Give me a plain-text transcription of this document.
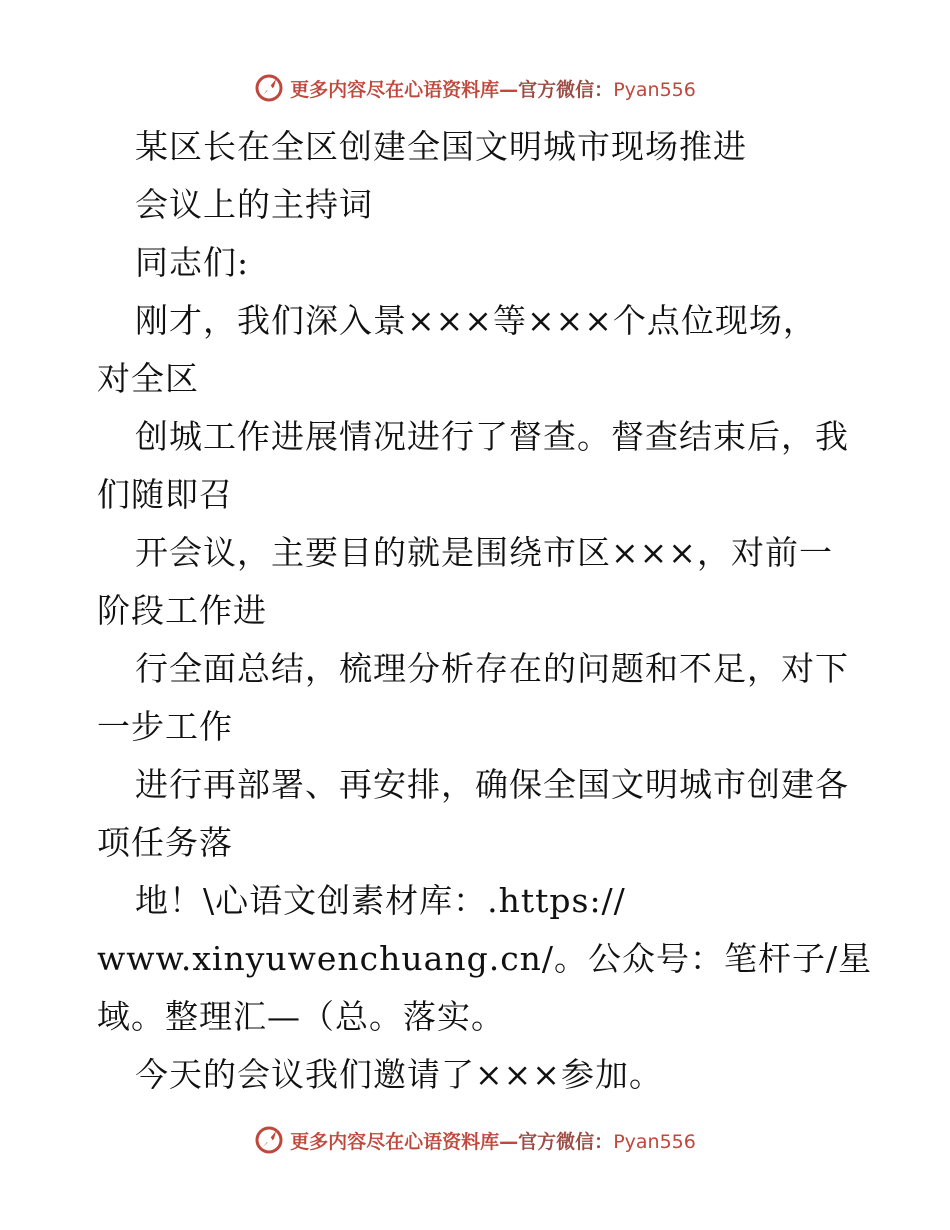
更多内容尽在心语资料库—官方微信：Pyan556
某区长在全区创建全国文明城市现场推进
会议上的主持词
同志们:
刚才，我们深入景×××等×××个点位现场，
对全区
创城工作进展情况进行了督查。督查结束后，我
们随即召
开会议，主要目的就是围绕市区×××，对前一
阶段工作进
行全面总结，梳理分析存在的问题和不足，对下
一步工作
进行再部署、再安排，确保全国文明城市创建各
项任务落
地！\心语文创素材库：.https://
www.xinyuwenchuang.cn/。公众号：笔杆子/星
域。整理汇—（总。落实。
今天的会议我们邀请了×××参加。
更多内容尽在心语资料库—官方微信：Pyan556
